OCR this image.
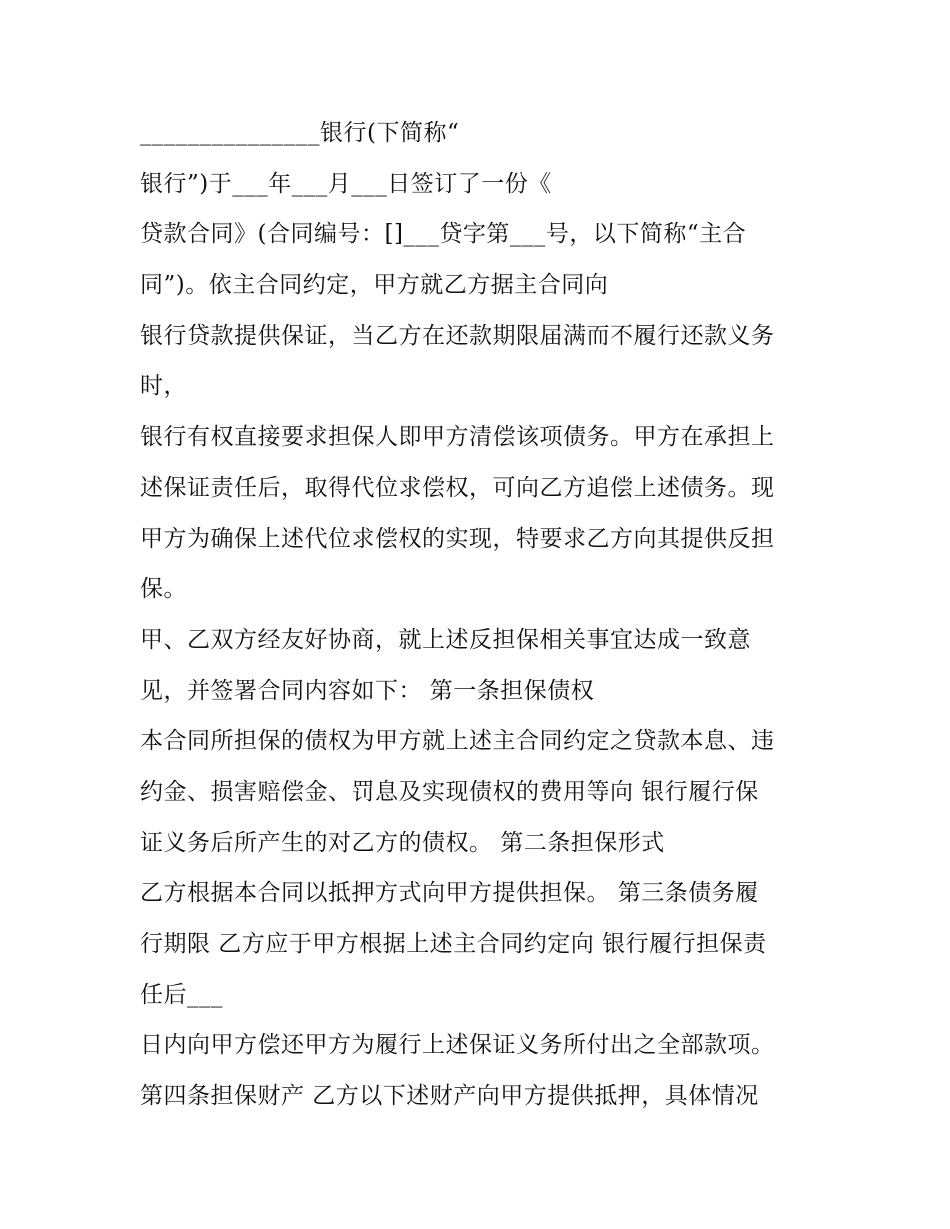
_______________银行(下简称“

银行”)于___年___月___日签订了一份《

贷款合同》(合同编号：[]___贷字第___号，以下简称“主合

同”)。依主合同约定，甲方就乙方据主合同向

银行贷款提供保证，当乙方在还款期限届满而不履行还款义务

时，

银行有权直接要求担保人即甲方清偿该项债务。甲方在承担上

述保证责任后，取得代位求偿权，可向乙方追偿上述债务。现

甲方为确保上述代位求偿权的实现，特要求乙方向其提供反担

保。

甲、乙双方经友好协商，就上述反担保相关事宜达成一致意

见，并签署合同内容如下： 第一条担保债权

本合同所担保的债权为甲方就上述主合同约定之贷款本息、违

约金、损害赔偿金、罚息及实现债权的费用等向 银行履行保

证义务后所产生的对乙方的债权。 第二条担保形式

乙方根据本合同以抵押方式向甲方提供担保。 第三条债务履

行期限 乙方应于甲方根据上述主合同约定向 银行履行担保责

任后___

日内向甲方偿还甲方为履行上述保证义务所付出之全部款项。

第四条担保财产 乙方以下述财产向甲方提供抵押，具体情况
